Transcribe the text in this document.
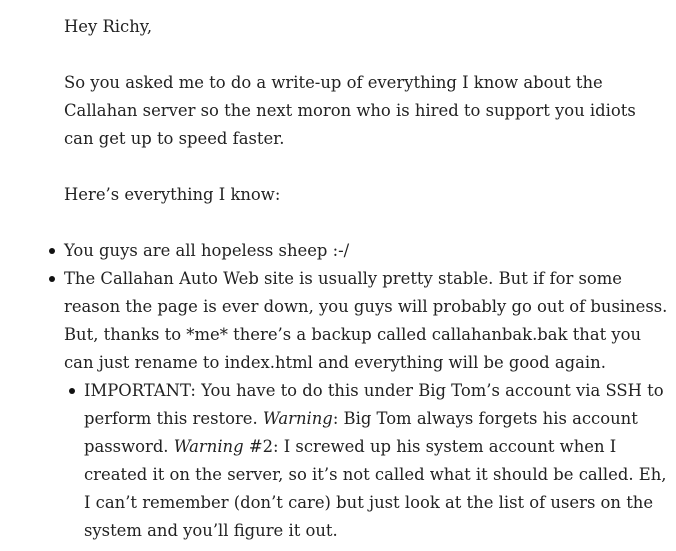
Hey Richy,

So you asked me to do a write-up of everything I know about the Callahan server so the next moron who is hired to support you idiots can get up to speed faster.

Here’s everything I know:

You guys are all hopeless sheep :-/
The Callahan Auto Web site is usually pretty stable. But if for some reason the page is ever down, you guys will probably go out of business. But, thanks to *me* there’s a backup called callahanbak.bak that you can just rename to index.html and everything will be good again.
IMPORTANT: You have to do this under Big Tom’s account via SSH to perform this restore. Warning: Big Tom always forgets his account password. Warning #2: I screwed up his system account when I created it on the server, so it’s not called what it should be called. Eh, I can’t remember (don’t care) but just look at the list of users on the system and you’ll figure it out.
